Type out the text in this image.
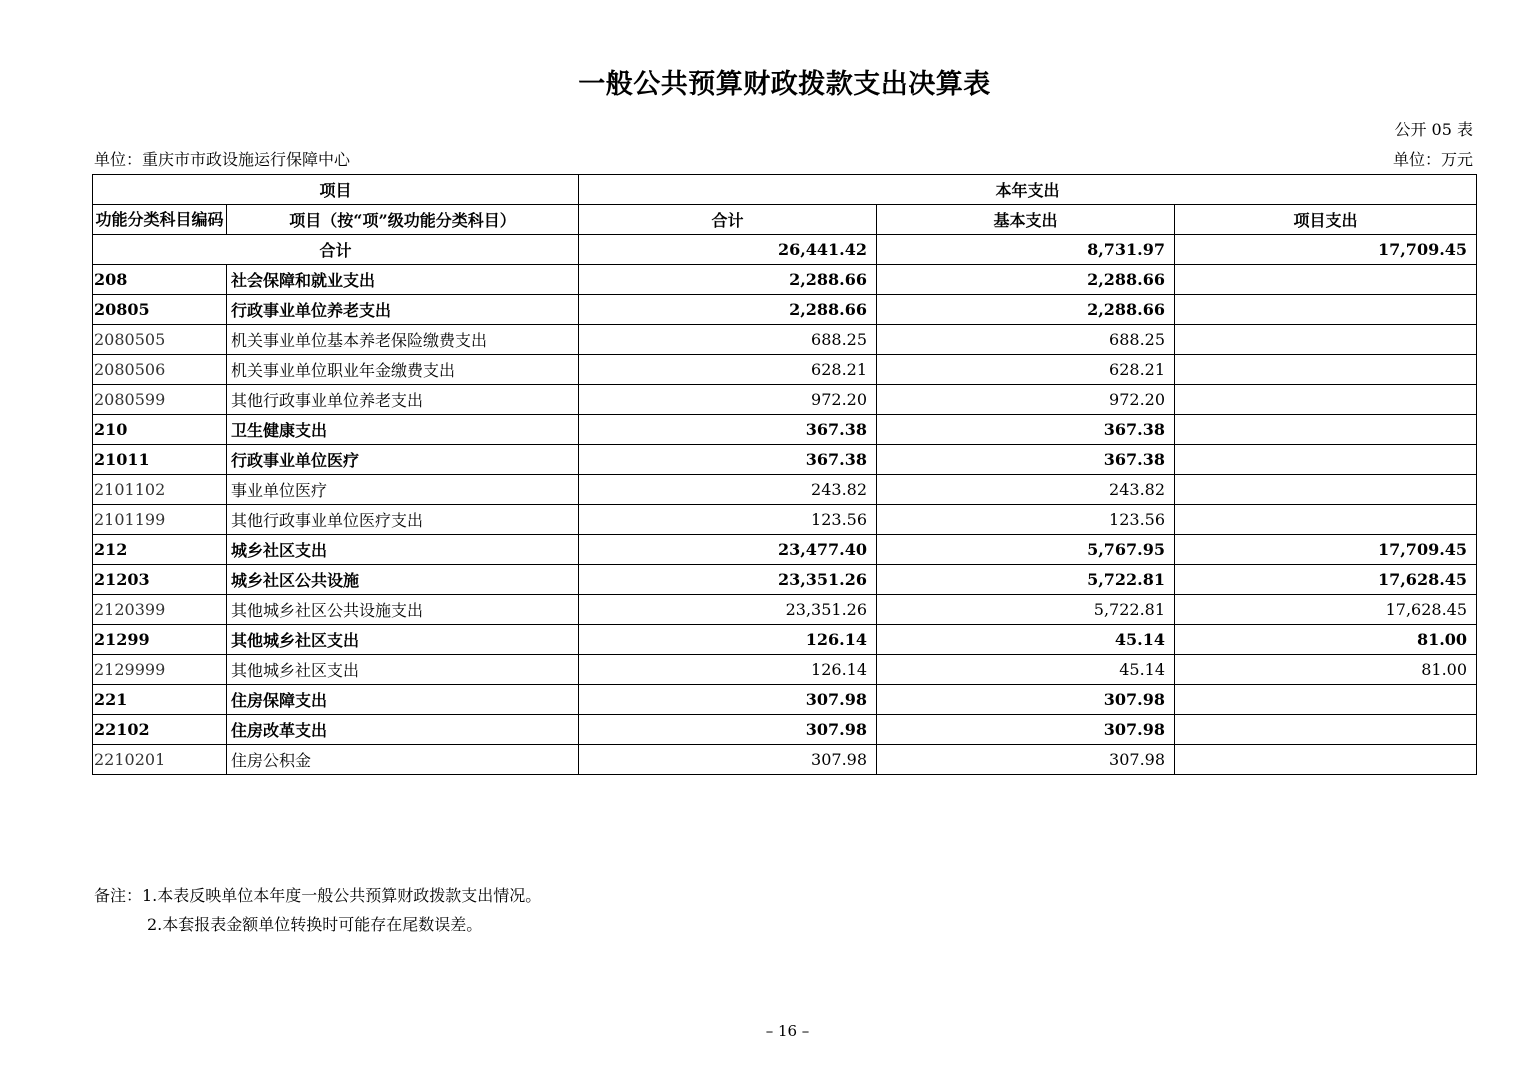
一般公共预算财政拨款支出决算表
公开 05 表
单位：重庆市市政设施运行保障中心	单位：万元
项目		本年支出		
功能分类科目编码	项目（按“项”级功能分类科目）	合计	基本支出	项目支出
合计		26,441.42	8,731.97	17,709.45
208	社会保障和就业支出	2,288.66	2,288.66	
20805	行政事业单位养老支出	2,288.66	2,288.66	
2080505	机关事业单位基本养老保险缴费支出	688.25	688.25	
2080506	机关事业单位职业年金缴费支出	628.21	628.21	
2080599	其他行政事业单位养老支出	972.20	972.20	
210	卫生健康支出	367.38	367.38	
21011	行政事业单位医疗	367.38	367.38	
2101102	事业单位医疗	243.82	243.82	
2101199	其他行政事业单位医疗支出	123.56	123.56	
212	城乡社区支出	23,477.40	5,767.95	17,709.45
21203	城乡社区公共设施	23,351.26	5,722.81	17,628.45
2120399	其他城乡社区公共设施支出	23,351.26	5,722.81	17,628.45
21299	其他城乡社区支出	126.14	45.14	81.00
2129999	其他城乡社区支出	126.14	45.14	81.00
221	住房保障支出	307.98	307.98	
22102	住房改革支出	307.98	307.98	
2210201	住房公积金	307.98	307.98	
备注：1.本表反映单位本年度一般公共预算财政拨款支出情况。
2.本套报表金额单位转换时可能存在尾数误差。
– 16 –
